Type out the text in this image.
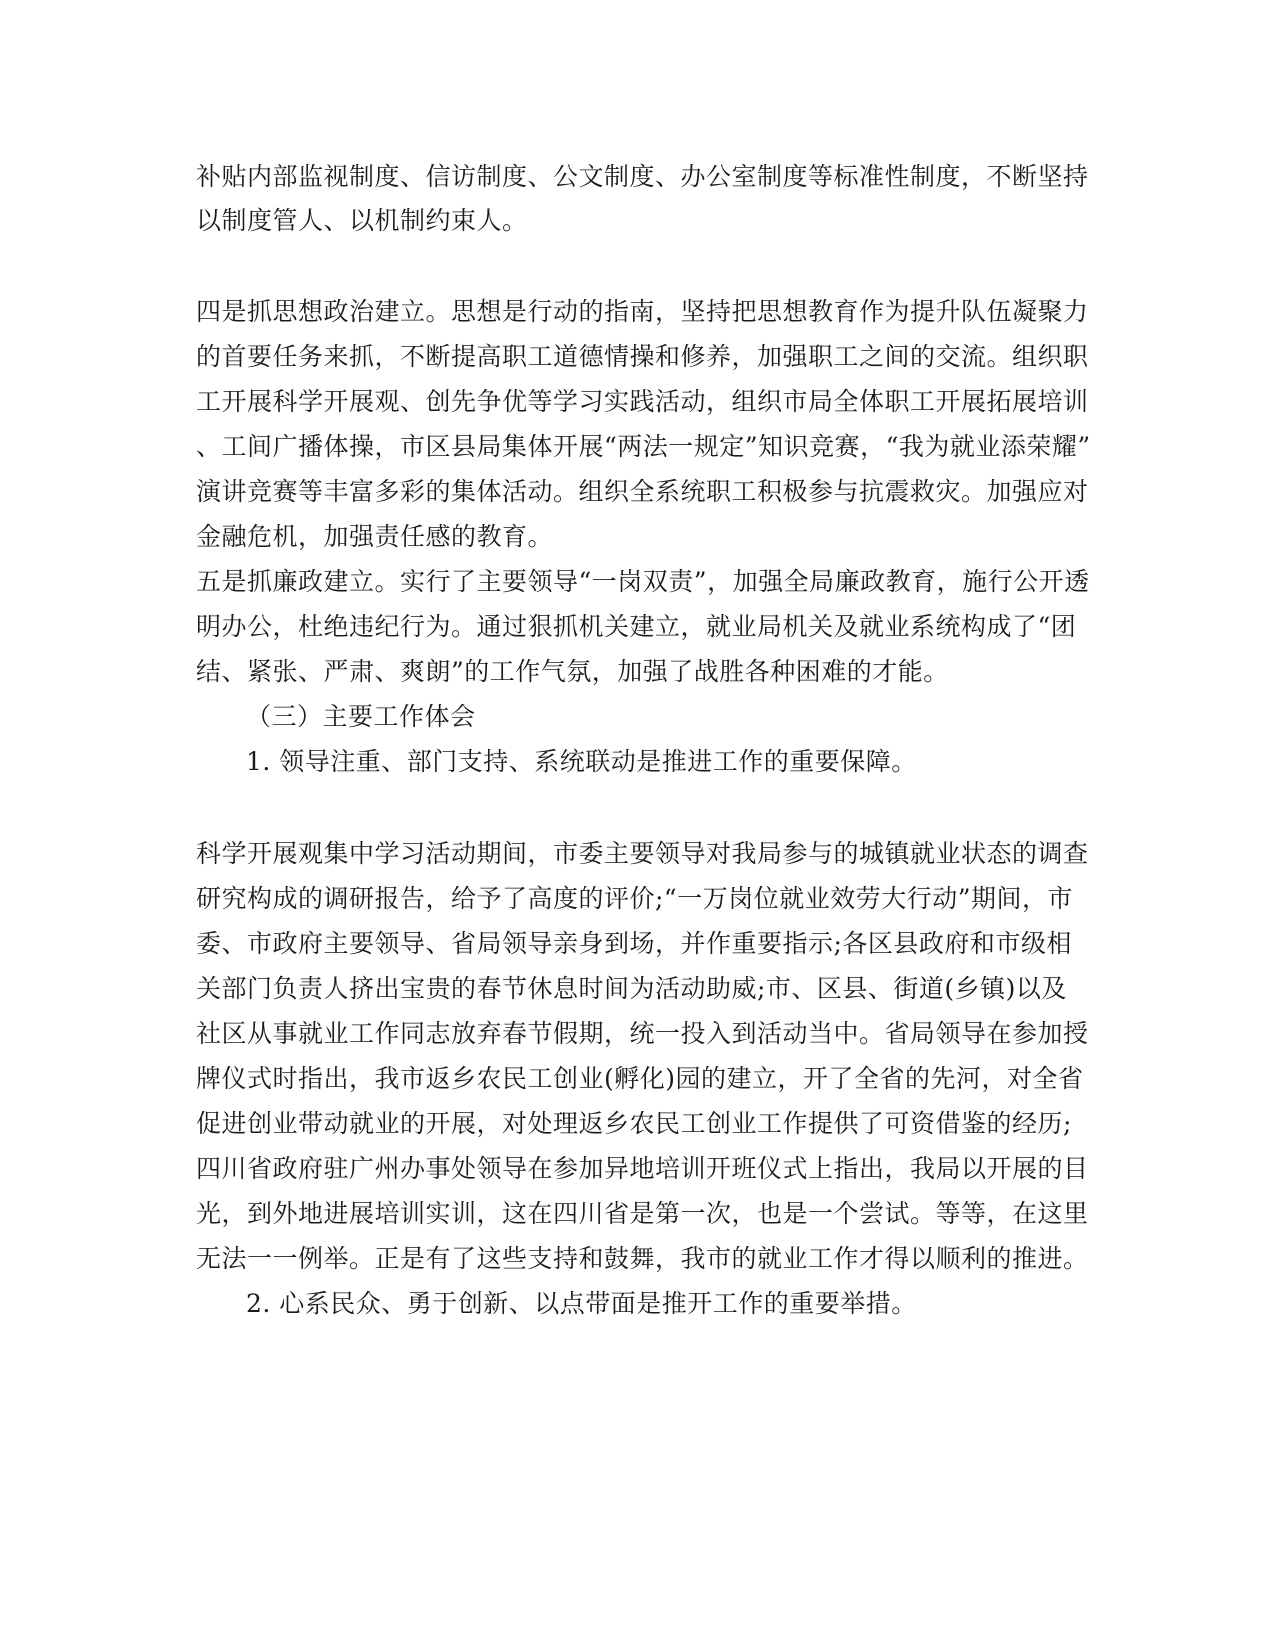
补贴内部监视制度、信访制度、公文制度、办公室制度等标准性制度，不断坚持
以制度管人、以机制约束人。
四是抓思想政治建立。思想是行动的指南，坚持把思想教育作为提升队伍凝聚力
的首要任务来抓，不断提高职工道德情操和修养，加强职工之间的交流。组织职
工开展科学开展观、创先争优等学习实践活动，组织市局全体职工开展拓展培训
、工间广播体操，市区县局集体开展“两法一规定”知识竞赛，“我为就业添荣耀”
演讲竞赛等丰富多彩的集体活动。组织全系统职工积极参与抗震救灾。加强应对
金融危机，加强责任感的教育。
五是抓廉政建立。实行了主要领导“一岗双责”，加强全局廉政教育，施行公开透
明办公，杜绝违纪行为。通过狠抓机关建立，就业局机关及就业系统构成了“团
结、紧张、严肃、爽朗”的工作气氛，加强了战胜各种困难的才能。
（三）主要工作体会
1. 领导注重、部门支持、系统联动是推进工作的重要保障。
科学开展观集中学习活动期间，市委主要领导对我局参与的城镇就业状态的调查
研究构成的调研报告，给予了高度的评价;“一万岗位就业效劳大行动”期间，市
委、市政府主要领导、省局领导亲身到场，并作重要指示;各区县政府和市级相
关部门负责人挤出宝贵的春节休息时间为活动助威;市、区县、街道(乡镇)以及
社区从事就业工作同志放弃春节假期，统一投入到活动当中。省局领导在参加授
牌仪式时指出，我市返乡农民工创业(孵化)园的建立，开了全省的先河，对全省
促进创业带动就业的开展，对处理返乡农民工创业工作提供了可资借鉴的经历;
四川省政府驻广州办事处领导在参加异地培训开班仪式上指出，我局以开展的目
光，到外地进展培训实训，这在四川省是第一次，也是一个尝试。等等，在这里
无法一一例举。正是有了这些支持和鼓舞，我市的就业工作才得以顺利的推进。
2. 心系民众、勇于创新、以点带面是推开工作的重要举措。
